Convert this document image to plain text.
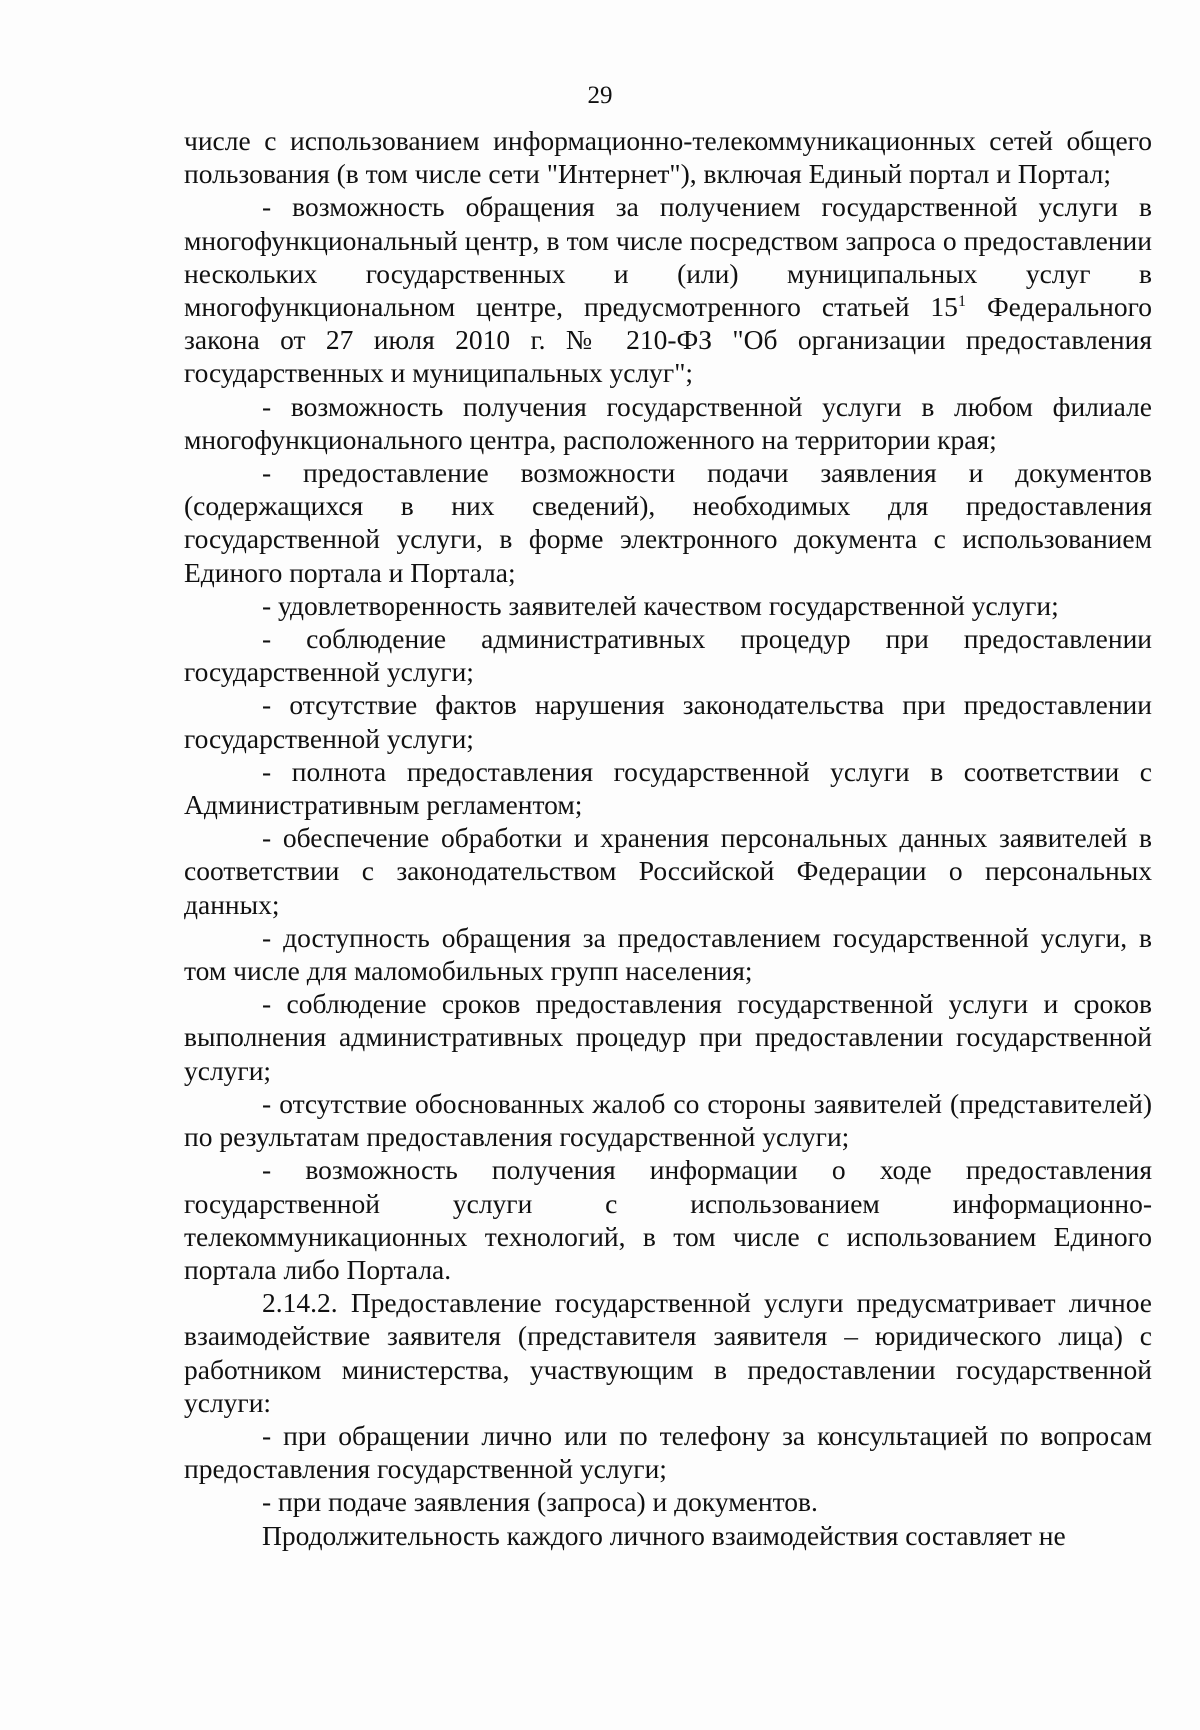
29

числе с использованием информационно-телекоммуникационных сетей общего пользования (в том числе сети "Интернет"), включая Единый портал и Портал;

- возможность обращения за получением государственной услуги в многофункциональный центр, в том числе посредством запроса о предоставлении нескольких государственных и (или) муниципальных услуг в многофункциональном центре, предусмотренного статьей $15^1$ Федерального закона от 27 июля 2010 г. № 210-ФЗ "Об организации предоставления государственных и муниципальных услуг";

- возможность получения государственной услуги в любом филиале многофункционального центра, расположенного на территории края;

- предоставление возможности подачи заявления и документов (содержащихся в них сведений), необходимых для предоставления государственной услуги, в форме электронного документа с использованием Единого портала и Портала;

- удовлетворенность заявителей качеством государственной услуги;

- соблюдение административных процедур при предоставлении государственной услуги;

- отсутствие фактов нарушения законодательства при предоставлении государственной услуги;

- полнота предоставления государственной услуги в соответствии с Административным регламентом;

- обеспечение обработки и хранения персональных данных заявителей в соответствии с законодательством Российской Федерации о персональных данных;

- доступность обращения за предоставлением государственной услуги, в том числе для маломобильных групп населения;

- соблюдение сроков предоставления государственной услуги и сроков выполнения административных процедур при предоставлении государственной услуги;

- отсутствие обоснованных жалоб со стороны заявителей (представителей) по результатам предоставления государственной услуги;

- возможность получения информации о ходе предоставления государственной услуги с использованием информационно-телекоммуникационных технологий, в том числе с использованием Единого портала либо Портала.

2.14.2. Предоставление государственной услуги предусматривает личное взаимодействие заявителя (представителя заявителя – юридического лица) с работником министерства, участвующим в предоставлении государственной услуги:

- при обращении лично или по телефону за консультацией по вопросам предоставления государственной услуги;

- при подаче заявления (запроса) и документов.

Продолжительность каждого личного взаимодействия составляет не
